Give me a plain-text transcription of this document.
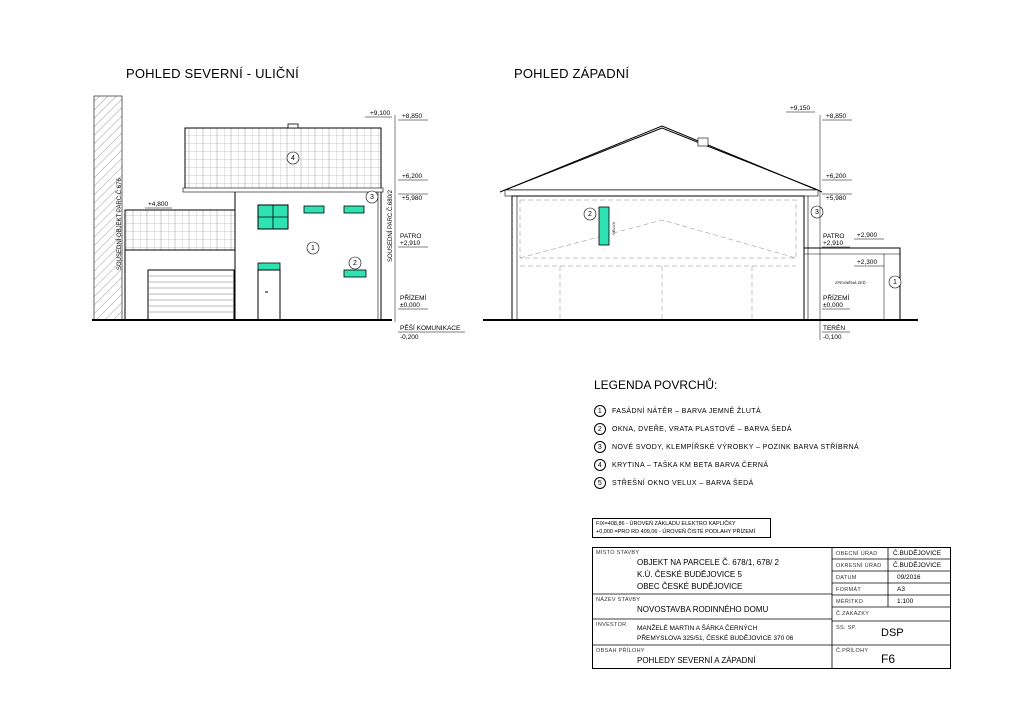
POHLED SEVERNÍ - ULIČNÍ	POHLED ZÁPADNÍ
SOUSEDNÍ OBJEKT PARC.Č.676
4
3
1
2
SOUSEDNÍ PARC.Č.680/2
+9,100 +8,850
+6,200
+5,980
+4,800
PATRO
+2,910
PŘÍZEMÍ
±0,000
PĚŠÍ KOMUNIKACE
-0,200
VELUX
ZPEVNĚNÁ ZEĎ
2	3
1
+9,150
+8,850
+6,200
+5,980
PATRO
+2,910
+2,900
+2,300
PŘÍZEMÍ
±0,000
TERÉN
-0,100
LEGENDA POVRCHŮ:
1	FASÁDNÍ NÁTĚR – BARVA JEMNĚ ŽLUTÁ
2	OKNA, DVEŘE, VRATA PLASTOVÉ – BARVA ŠEDÁ
3	NOVÉ SVODY, KLEMPÍŘSKÉ VÝROBKY – POZINK BARVA STŘÍBRNÁ
4	KRYTINA – TAŠKA KM BETA BARVA ČERNÁ
5	STŘEŠNÍ OKNO VELUX – BARVA ŠEDÁ
FIX=408,86 - ÚROVEŇ ZÁKLADU ELEKTRO KAPLIČKY
+0,000 =PRO RD 409,06 - ÚROVEŇ ČISTÉ PODLAHY PŘÍZEMÍ
MÍSTO STAVBY
OBJEKT NA PARCELE Č. 678/1, 678/ 2
K.Ú. ČESKÉ BUDĚJOVICE 5
OBEC ČESKÉ BUDĚJOVICE
NÁZEV STAVBY
NOVOSTAVBA RODINNÉHO DOMU
INVESTOR MANŽELÉ MARTIN A ŠÁRKA ČERNÝCH
PŘEMYSLOVA 325/51, ČESKÉ BUDĚJOVICE 370 06
OBSAH PŘÍLOHY
POHLEDY SEVERNÍ A ZÁPADNÍ
OBECNÍ ÚŘAD Č.BUDĚJOVICE
OKRESNÍ ÚŘAD Č.BUDĚJOVICE
DATUM	09/2016
FORMÁT	A3
MĚŘÍTKO	1:100
Č.ZAKÁZKY
SS. SP. DSP
Č.PŘÍLOHY
F6
